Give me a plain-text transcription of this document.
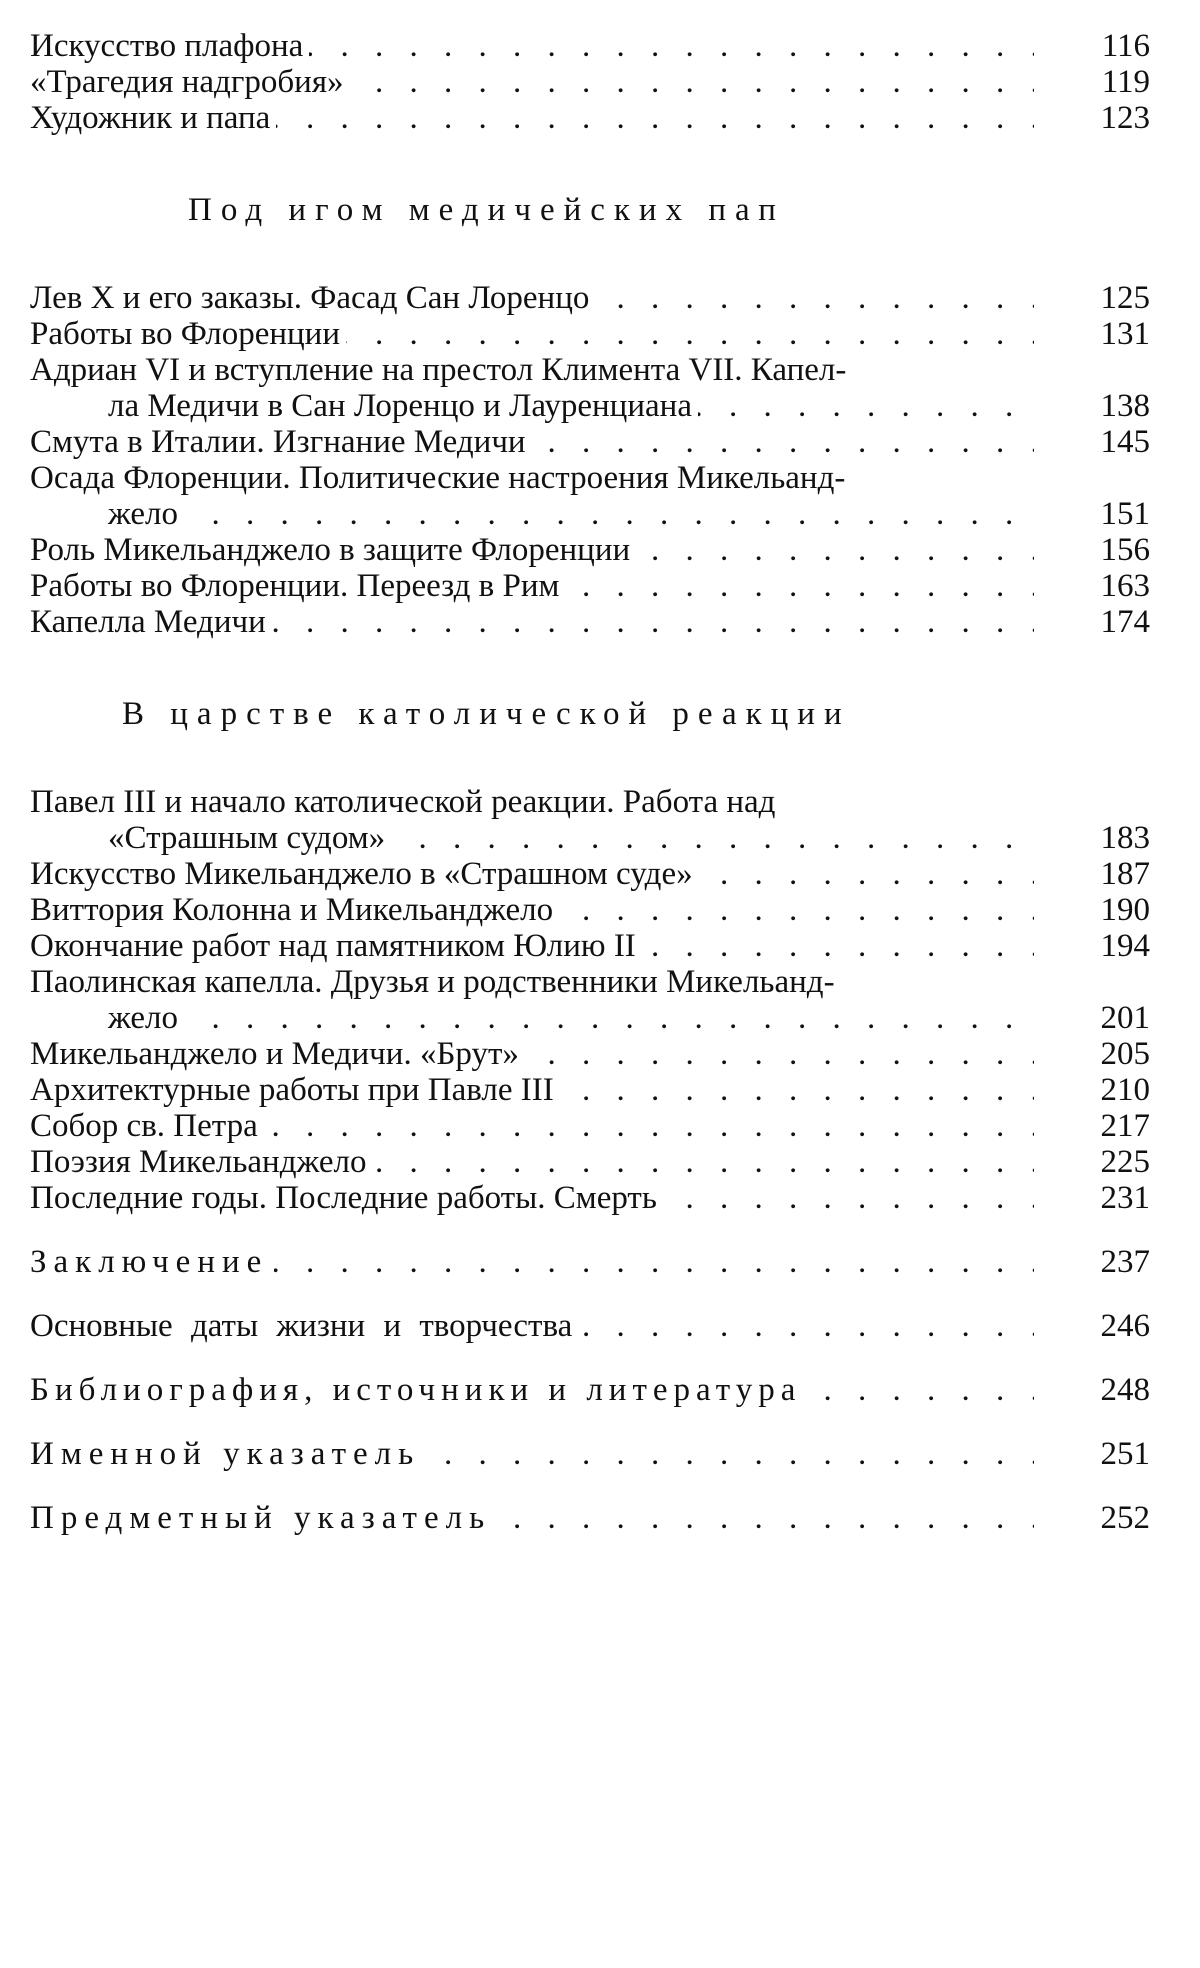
Искусство плафона . . .	116
«Трагедия надгробия» . . .	119
Художник и папа . . .	123
Под игом медичейских пап
Лев X и его заказы. Фасад Сан Лоренцо . . .	125
Работы во Флоренции . . .	131
Адриан VI и вступление на престол Климента VII. Капел-
ла Медичи в Сан Лоренцо и Лауренциана . . .	138
Смута в Италии. Изгнание Медичи . . .	145
Осада Флоренции. Политические настроения Микельанд-
жело . . .	151
Роль Микельанджело в защите Флоренции . . .	156
Работы во Флоренции. Переезд в Рим . . .	163
Капелла Медичи . . .	174
В царстве католической реакции
Павел III и начало католической реакции. Работа над
«Страшным судом» . . .	183
Искусство Микельанджело в «Страшном суде» . . .	187
Виттория Колонна и Микельанджело . . .	190
Окончание работ над памятником Юлию II . . .	194
Паолинская капелла. Друзья и родственники Микельанд-
жело . . .	201
Микельанджело и Медичи. «Брут» . . .	205
Архитектурные работы при Павле III . . .	210
Собор св. Петра . . .	217
Поэзия Микельанджело . . .	225
Последние годы. Последние работы. Смерть . . .	231
Заключение . . .	237
Основные даты жизни и творчества . . .	246
Библиография, источники и литература . . .	248
Именной указатель . . .	251
Предметный указатель . . .	252
